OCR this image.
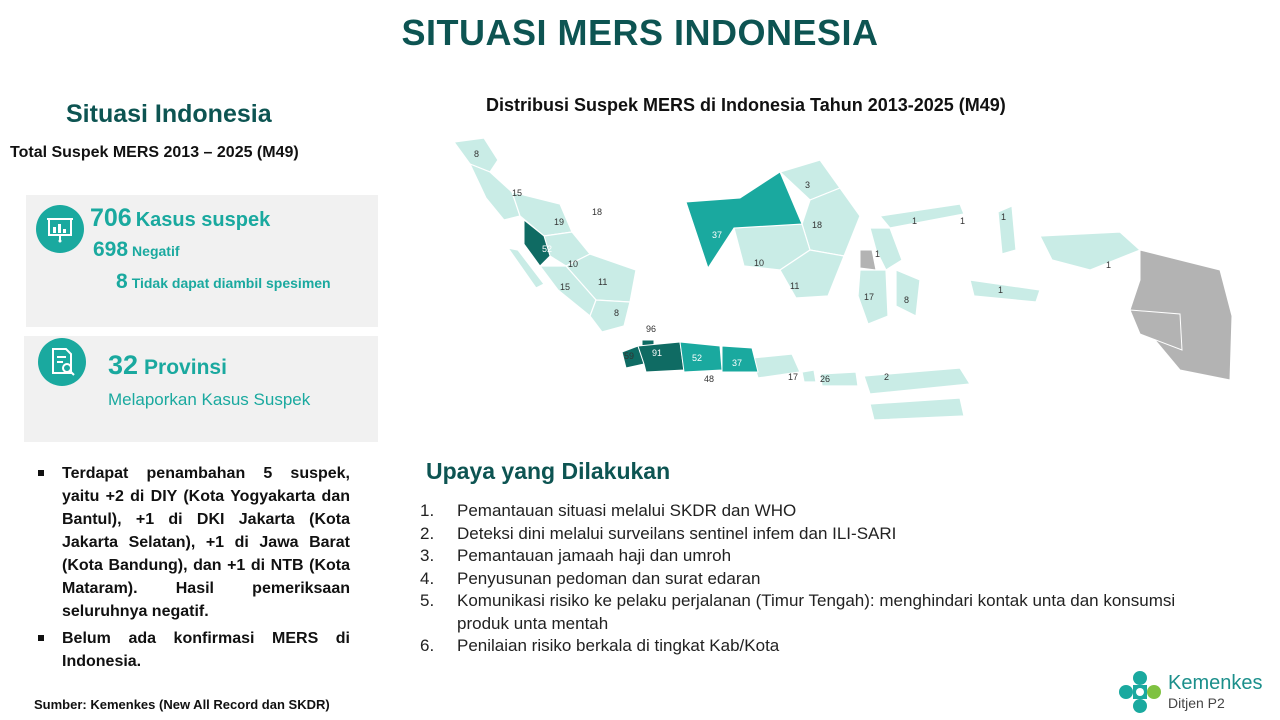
SITUASI MERS INDONESIA
Situasi Indonesia
Total Suspek MERS 2013 – 2025 (M49)
706 Kasus suspek
698 Negatif
8 Tidak dapat diambil spesimen
32 Provinsi
Melaporkan Kasus Suspek
Terdapat penambahan 5 suspek, yaitu +2 di DIY (Kota Yogyakarta dan Bantul), +1 di DKI Jakarta (Kota Jakarta Selatan), +1 di Jawa Barat (Kota Bandung), dan +1 di NTB (Kota Mataram). Hasil pemeriksaan seluruhnya negatif.
Belum ada konfirmasi MERS di Indonesia.
Sumber: Kemenkes (New All Record dan SKDR)
Distribusi Suspek MERS di Indonesia Tahun 2013-2025 (M49)
8
15
18
19
52
10
11
15
8
3
18
37
10
11
1	1	1
1
1
17	8
1
96
59 91	52	37
48	17 26	2
Upaya yang Dilakukan
1. Pemantauan situasi melalui SKDR dan WHO
2. Deteksi dini melalui surveilans sentinel infem dan ILI-SARI
3. Pemantauan jamaah haji dan umroh
4. Penyusunan pedoman dan surat edaran
5. Komunikasi risiko ke pelaku perjalanan (Timur Tengah): menghindari kontak unta dan konsumsi produk unta mentah
6. Penilaian risiko berkala di tingkat Kab/Kota
Kemenkes
Ditjen P2
